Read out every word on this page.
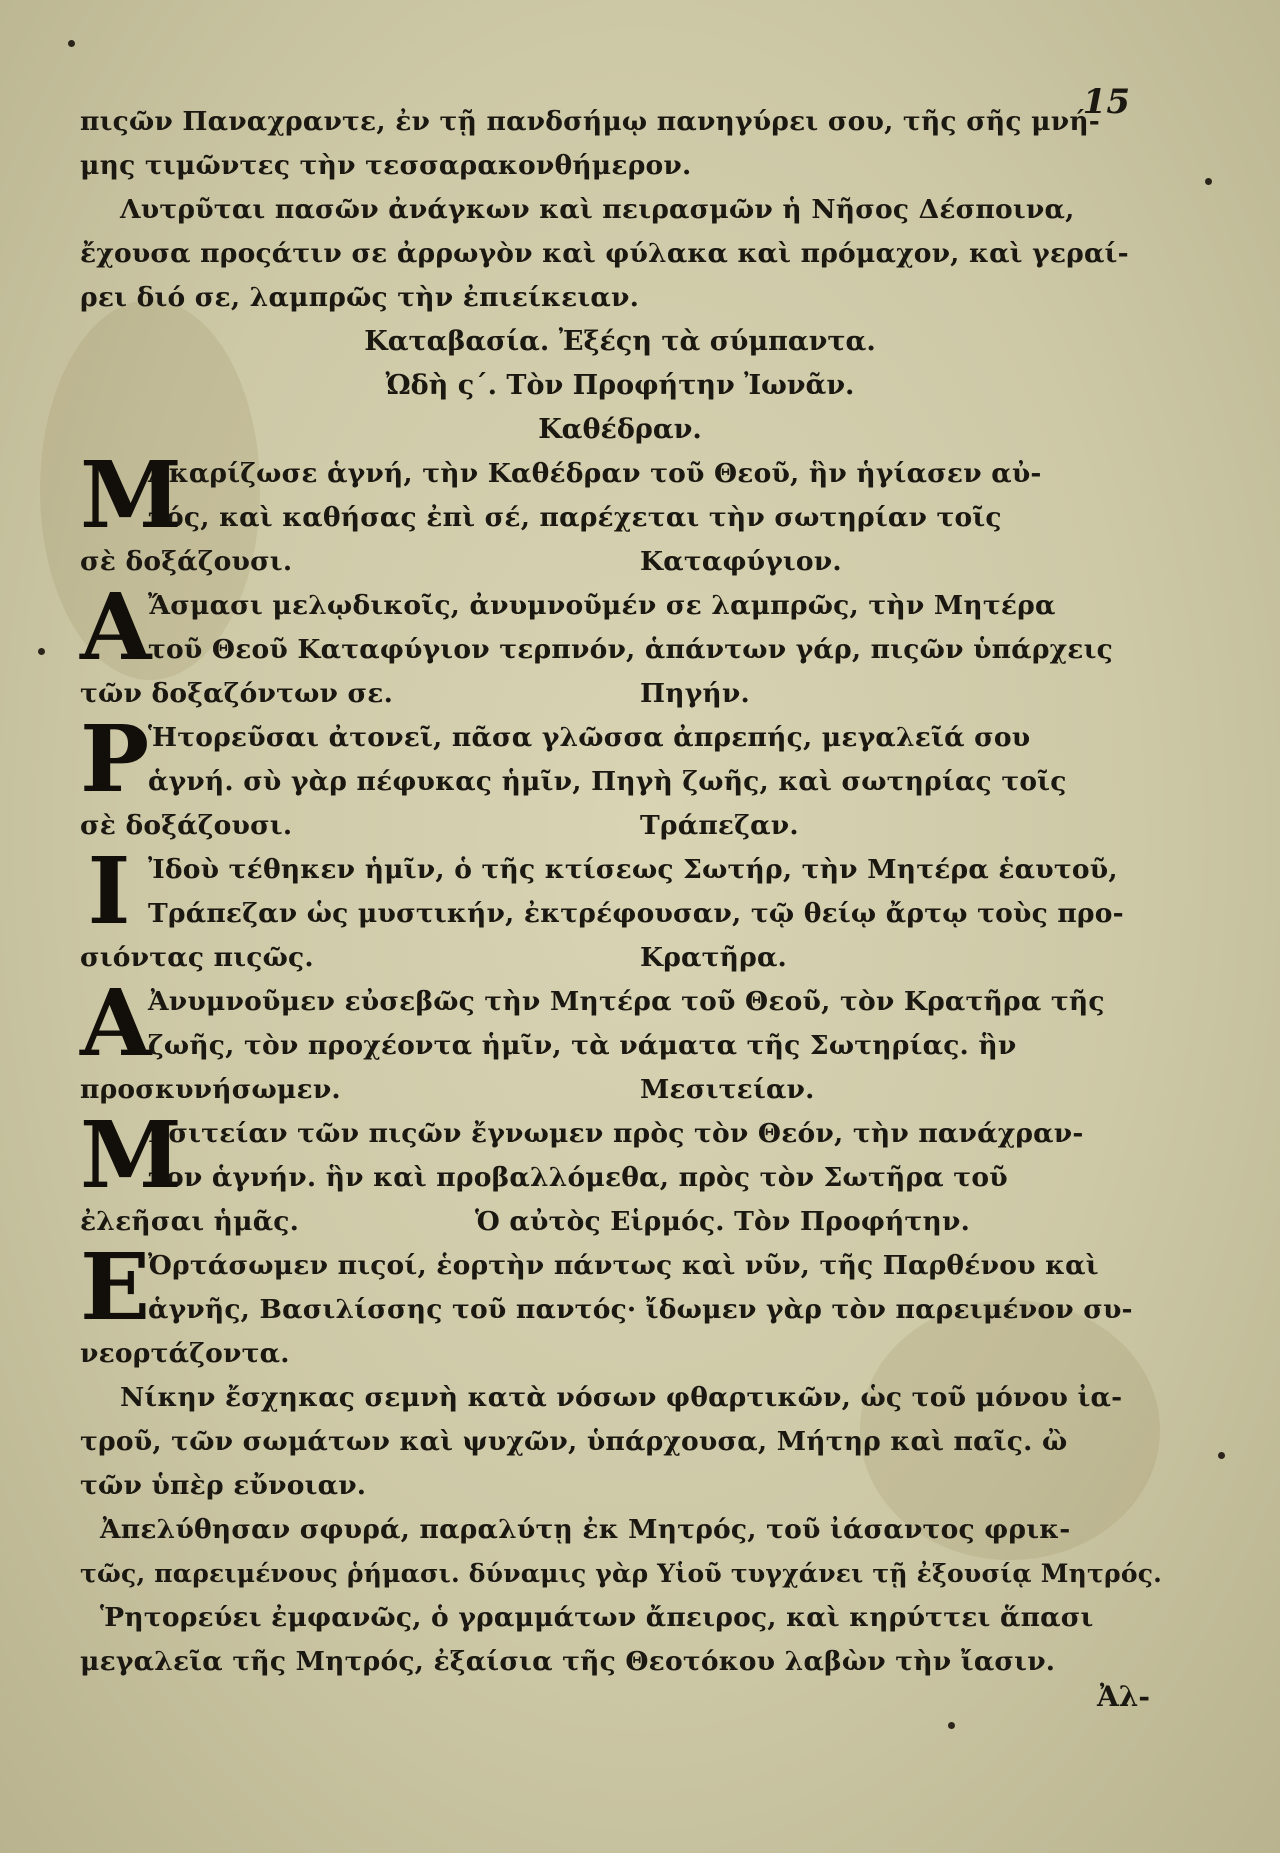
15
πιςῶν Παναχραντε, ἐν τῇ πανδσήμῳ πανηγύρει σου, τῆς σῆς μνή-
μης τιμῶντες τὴν τεσσαρακονθήμερον.
Λυτρῦται πασῶν ἀνάγκων καὶ πειρασμῶν ἡ Νῆσος Δέσποινα,
ἔχουσα προςάτιν σε ἀρρωγὸν καὶ φύλακα καὶ πρόμαχον, καὶ γεραί-
ρει διό σε, λαμπρῶς τὴν ἐπιείκειαν.
Καταβασία. Ἐξέςη τὰ σύμπαντα.
Ὠδὴ ς΄. Τὸν Προφήτην Ἰωνᾶν.
Καθέδραν.
Μ
Ακαρίζωσε ἁγνή, τὴν Καθέδραν τοῦ Θεοῦ, ἣν ἡγίασεν αὐ-
τός, καὶ καθήσας ἐπὶ σέ, παρέχεται τὴν σωτηρίαν τοῖς
σὲ δοξάζουσι.	Καταφύγιον.
Α
Ἄσμασι μελῳδικοῖς, ἀνυμνοῦμέν σε λαμπρῶς, τὴν Μητέρα
τοῦ Θεοῦ Καταφύγιον τερπνόν, ἁπάντων γάρ, πιςῶν ὑπάρχεις
τῶν δοξαζόντων σε.	Πηγήν.
Ρ
Ἡτορεῦσαι ἀτονεῖ, πᾶσα γλῶσσα ἀπρεπής, μεγαλεῖά σου
ἁγνή. σὺ γὰρ πέφυκας ἡμῖν, Πηγὴ ζωῆς, καὶ σωτηρίας τοῖς
σὲ δοξάζουσι.	Τράπεζαν.
Ι Ἰδοὺ τέθηκεν ἡμῖν, ὁ τῆς κτίσεως Σωτήρ, τὴν Μητέρα ἑαυτοῦ,
Τράπεζαν ὡς μυστικήν, ἐκτρέφουσαν, τῷ θείῳ ἄρτῳ τοὺς προ-
σιόντας πιςῶς.	Κρατῆρα.
Α
Ἀνυμνοῦμεν εὐσεβῶς τὴν Μητέρα τοῦ Θεοῦ, τὸν Κρατῆρα τῆς
ζωῆς, τὸν προχέοντα ἡμῖν, τὰ νάματα τῆς Σωτηρίας. ἣν
προσκυνήσωμεν.	Μεσιτείαν.
Μ
Εσιτείαν τῶν πιςῶν ἔγνωμεν πρὸς τὸν Θεόν, τὴν πανάχραν-
τον ἁγνήν. ἣν καὶ προβαλλόμεθα, πρὸς τὸν Σωτῆρα τοῦ
ἐλεῆσαι ἡμᾶς.	Ὁ αὐτὸς Εἱρμός. Τὸν Προφήτην.
Ε
Ὀρτάσωμεν πιςοί, ἑορτὴν πάντως καὶ νῦν, τῆς Παρθένου καὶ
ἁγνῆς, Βασιλίσσης τοῦ παντός· ἴδωμεν γὰρ τὸν παρειμένον συ-
νεορτάζοντα.
Νίκην ἔσχηκας σεμνὴ κατὰ νόσων φθαρτικῶν, ὡς τοῦ μόνου ἰα-
τροῦ, τῶν σωμάτων καὶ ψυχῶν, ὑπάρχουσα, Μήτηρ καὶ παῖς. ὢ
τῶν ὑπὲρ εὔνοιαν.
Ἀπελύθησαν σφυρά, παραλύτῃ ἐκ Μητρός, τοῦ ἰάσαντος φρικ-
τῶς, παρειμένους ῥήμασι. δύναμις γὰρ Υἱοῦ τυγχάνει τῇ ἐξουσίᾳ Μητρός.
Ῥητορεύει ἐμφανῶς, ὁ γραμμάτων ἄπειρος, καὶ κηρύττει ἅπασι
μεγαλεῖα τῆς Μητρός, ἐξαίσια τῆς Θεοτόκου λαβὼν τὴν ἴασιν.
Ἀλ-
